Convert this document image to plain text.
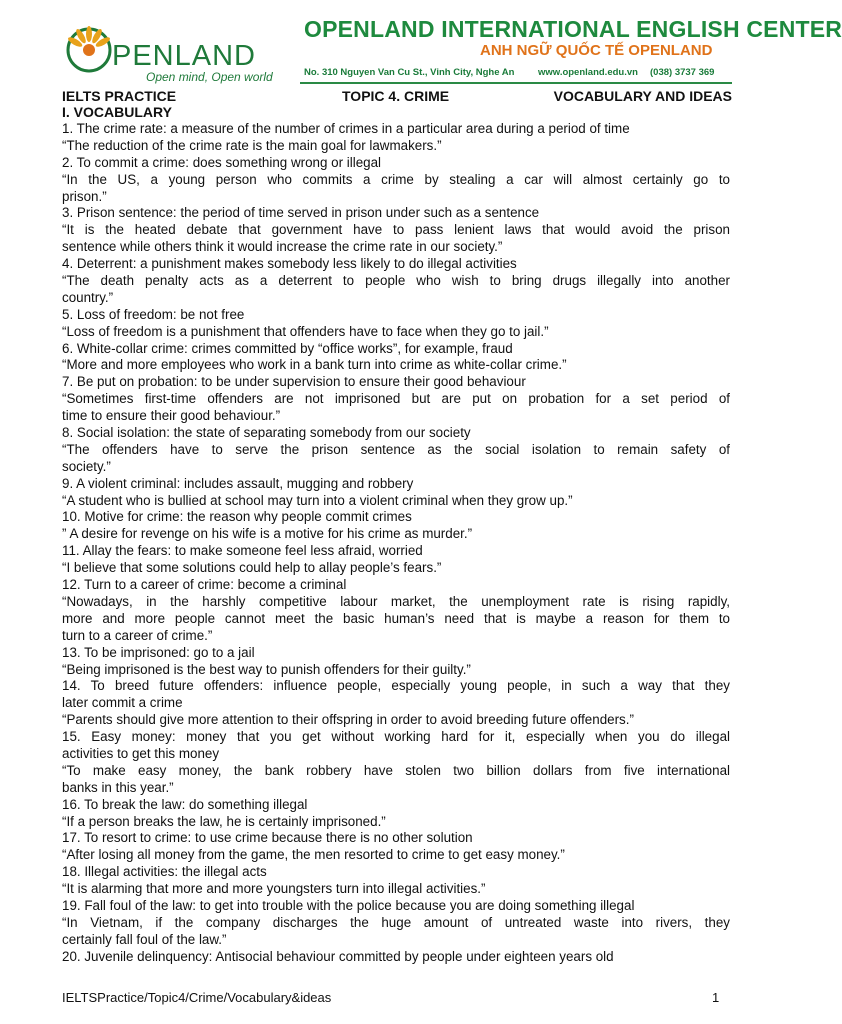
PENLAND
Open mind, Open world
OPENLAND INTERNATIONAL ENGLISH CENTER
ANH NGỮ QUỐC TẾ OPENLAND
No. 310 Nguyen Van Cu St., Vinh City, Nghe An www.openland.edu.vn (038) 3737 369
IELTS PRACTICE	TOPIC 4. CRIME	VOCABULARY AND IDEAS
I. VOCABULARY
1. The crime rate: a measure of the number of crimes in a particular area during a period of time
“The reduction of the crime rate is the main goal for lawmakers.”
2. To commit a crime: does something wrong or illegal
“In the US, a young person who commits a crime by stealing a car will almost certainly go to
prison.”
3. Prison sentence: the period of time served in prison under such as a sentence
“It is the heated debate that government have to pass lenient laws that would avoid the prison
sentence while others think it would increase the crime rate in our society.”
4. Deterrent: a punishment makes somebody less likely to do illegal activities
“The death penalty acts as a deterrent to people who wish to bring drugs illegally into another
country.”
5. Loss of freedom: be not free
“Loss of freedom is a punishment that offenders have to face when they go to jail.”
6. White-collar crime: crimes committed by “office works”, for example, fraud
“More and more employees who work in a bank turn into crime as white-collar crime.”
7. Be put on probation: to be under supervision to ensure their good behaviour
“Sometimes first-time offenders are not imprisoned but are put on probation for a set period of
time to ensure their good behaviour.”
8. Social isolation: the state of separating somebody from our society
“The offenders have to serve the prison sentence as the social isolation to remain safety of
society.”
9. A violent criminal: includes assault, mugging and robbery
“A student who is bullied at school may turn into a violent criminal when they grow up.”
10. Motive for crime: the reason why people commit crimes
” A desire for revenge on his wife is a motive for his crime as murder.”
11. Allay the fears: to make someone feel less afraid, worried
“I believe that some solutions could help to allay people’s fears.”
12. Turn to a career of crime: become a criminal
“Nowadays, in the harshly competitive labour market, the unemployment rate is rising rapidly,
more and more people cannot meet the basic human’s need that is maybe a reason for them to
turn to a career of crime.”
13. To be imprisoned: go to a jail
“Being imprisoned is the best way to punish offenders for their guilty.”
14. To breed future offenders: influence people, especially young people, in such a way that they
later commit a crime
“Parents should give more attention to their offspring in order to avoid breeding future offenders.”
15. Easy money: money that you get without working hard for it, especially when you do illegal
activities to get this money
“To make easy money, the bank robbery have stolen two billion dollars from five international
banks in this year.”
16. To break the law: do something illegal
“If a person breaks the law, he is certainly imprisoned.”
17. To resort to crime: to use crime because there is no other solution
“After losing all money from the game, the men resorted to crime to get easy money.”
18. Illegal activities: the illegal acts
“It is alarming that more and more youngsters turn into illegal activities.”
19. Fall foul of the law: to get into trouble with the police because you are doing something illegal
“In Vietnam, if the company discharges the huge amount of untreated waste into rivers, they
certainly fall foul of the law.”
20. Juvenile delinquency: Antisocial behaviour committed by people under eighteen years old
IELTSPractice/Topic4/Crime/Vocabulary&ideas	1
